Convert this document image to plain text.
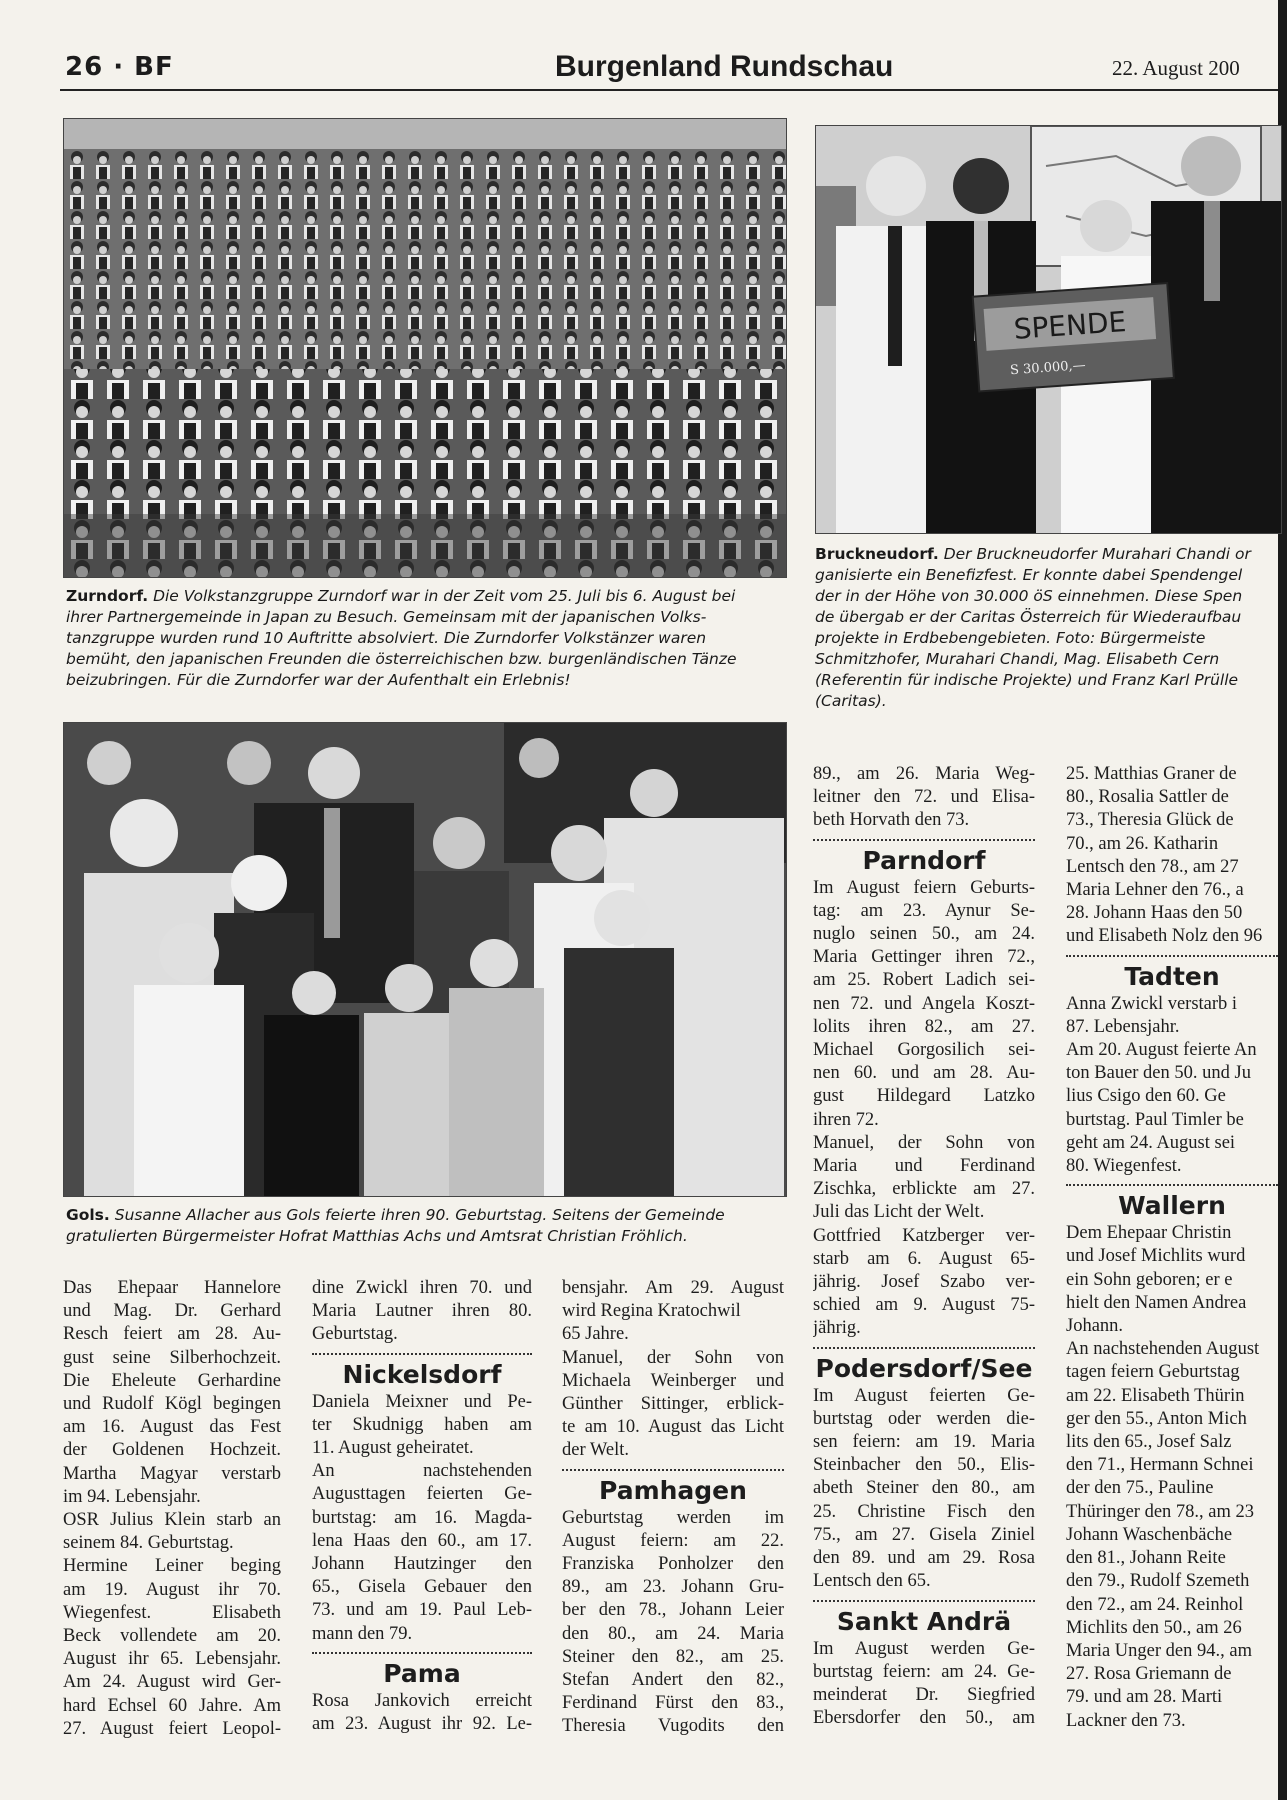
26 · BF	Burgenland Rundschau	22. August 200
SPENDE
S 30.000,—
Zurndorf. Die Volkstanzgruppe Zurndorf war in der Zeit vom 25. Juli bis 6. August bei
ihrer Partnergemeinde in Japan zu Besuch. Gemeinsam mit der japanischen Volks-
tanzgruppe wurden rund 10 Auftritte absolviert. Die Zurndorfer Volkstänzer waren
bemüht, den japanischen Freunden die österreichischen bzw. burgenländischen Tänze
beizubringen. Für die Zurndorfer war der Aufenthalt ein Erlebnis!
Bruckneudorf. Der Bruckneudorfer Murahari Chandi or
ganisierte ein Benefizfest. Er konnte dabei Spendengel
der in der Höhe von 30.000 öS einnehmen. Diese Spen
de übergab er der Caritas Österreich für Wiederaufbau
projekte in Erdbebengebieten. Foto: Bürgermeiste
Schmitzhofer, Murahari Chandi, Mag. Elisabeth Cern
(Referentin für indische Projekte) und Franz Karl Prülle
(Caritas).
Gols. Susanne Allacher aus Gols feierte ihren 90. Geburtstag. Seitens der Gemeinde
gratulierten Bürgermeister Hofrat Matthias Achs und Amtsrat Christian Fröhlich.

Das Ehepaar Hannelore

und Mag. Dr. Gerhard

Resch feiert am 28. Au-

gust seine Silberhochzeit.

Die Eheleute Gerhardine

und Rudolf Kögl begingen

am 16. August das Fest

der Goldenen Hochzeit.

Martha Magyar verstarb

im 94. Lebensjahr.

OSR Julius Klein starb an

seinem 84. Geburtstag.

Hermine Leiner beging

am 19. August ihr 70.

Wiegenfest. Elisabeth

Beck vollendete am 20.

August ihr 65. Lebensjahr.

Am 24. August wird Ger-

hard Echsel 60 Jahre. Am

27. August feiert Leopol-

dine Zwickl ihren 70. und

Maria Lautner ihren 80.

Geburtstag.

Nickelsdorf

Daniela Meixner und Pe-

ter Skudnigg haben am

11. August geheiratet.

An nachstehenden

Augusttagen feierten Ge-

burtstag: am 16. Magda-

lena Haas den 60., am 17.

Johann Hautzinger den

65., Gisela Gebauer den

73. und am 19. Paul Leb-

mann den 79.

Pama

Rosa Jankovich erreicht

am 23. August ihr 92. Le-

bensjahr. Am 29. August

wird Regina Kratochwil

65 Jahre.

Manuel, der Sohn von

Michaela Weinberger und

Günther Sittinger, erblick-

te am 10. August das Licht

der Welt.

Pamhagen

Geburtstag werden im

August feiern: am 22.

Franziska Ponholzer den

89., am 23. Johann Gru-

ber den 78., Johann Leier

den 80., am 24. Maria

Steiner den 82., am 25.

Stefan Andert den 82.,

Ferdinand Fürst den 83.,

Theresia Vugodits den

89., am 26. Maria Weg-

leitner den 72. und Elisa-

beth Horvath den 73.

Parndorf

Im August feiern Geburts-

tag: am 23. Aynur Se-

nuglo seinen 50., am 24.

Maria Gettinger ihren 72.,

am 25. Robert Ladich sei-

nen 72. und Angela Koszt-

lolits ihren 82., am 27.

Michael Gorgosilich sei-

nen 60. und am 28. Au-

gust Hildegard Latzko

ihren 72.

Manuel, der Sohn von

Maria und Ferdinand

Zischka, erblickte am 27.

Juli das Licht der Welt.

Gottfried Katzberger ver-

starb am 6. August 65-

jährig. Josef Szabo ver-

schied am 9. August 75-

jährig.

Podersdorf/See

Im August feierten Ge-

burtstag oder werden die-

sen feiern: am 19. Maria

Steinbacher den 50., Elis-

abeth Steiner den 80., am

25. Christine Fisch den

75., am 27. Gisela Ziniel

den 89. und am 29. Rosa

Lentsch den 65.

Sankt Andrä

Im August werden Ge-

burtstag feiern: am 24. Ge-

meinderat Dr. Siegfried

Ebersdorfer den 50., am

25. Matthias Graner de

80., Rosalia Sattler de

73., Theresia Glück de

70., am 26. Katharin

Lentsch den 78., am 27

Maria Lehner den 76., a

28. Johann Haas den 50

und Elisabeth Nolz den 96

Tadten

Anna Zwickl verstarb i

87. Lebensjahr.

Am 20. August feierte An

ton Bauer den 50. und Ju

lius Csigo den 60. Ge

burtstag. Paul Timler be

geht am 24. August sei

80. Wiegenfest.

Wallern

Dem Ehepaar Christin

und Josef Michlits wurd

ein Sohn geboren; er e

hielt den Namen Andrea

Johann.

An nachstehenden August

tagen feiern Geburtstag

am 22. Elisabeth Thürin

ger den 55., Anton Mich

lits den 65., Josef Salz

den 71., Hermann Schnei

der den 75., Pauline

Thüringer den 78., am 23

Johann Waschenbäche

den 81., Johann Reite

den 79., Rudolf Szemeth

den 72., am 24. Reinhol

Michlits den 50., am 26

Maria Unger den 94., am

27. Rosa Griemann de

79. und am 28. Marti

Lackner den 73.
